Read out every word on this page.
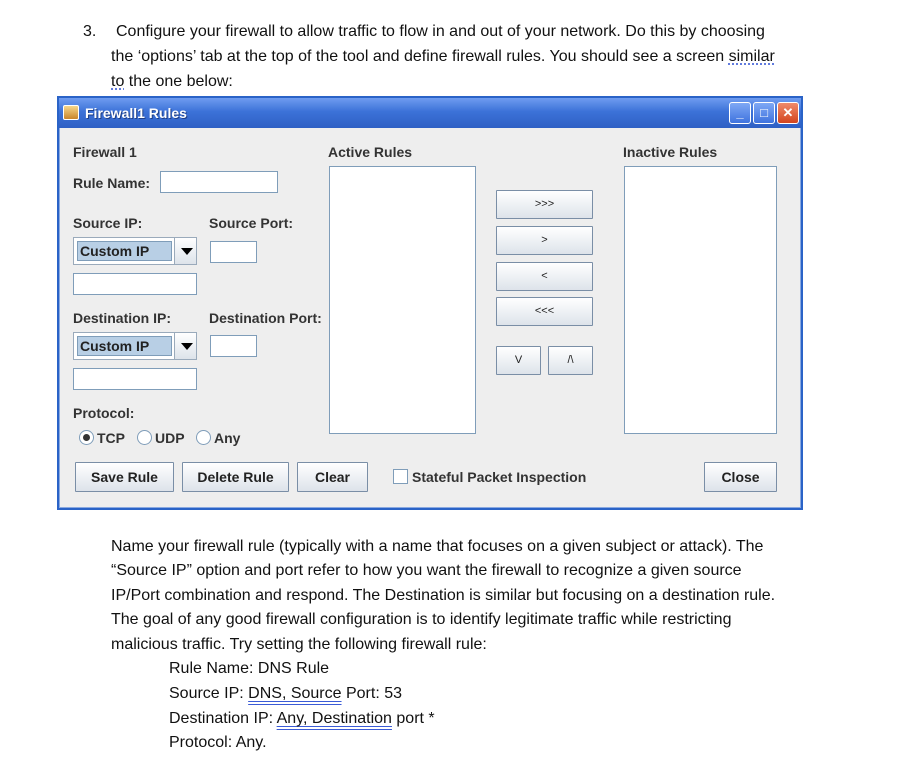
3. Configure your firewall to allow traffic to flow in and out of your network. Do this by choosing
the ‘options’ tab at the top of the tool and define firewall rules. You should see a screen similar
to the one below:
Firewall1 Rules	_	□	✕
Firewall 1
Rule Name:
Source IP:	Source Port:
Custom IP
Destination IP:	Destination Port:
Custom IP
Protocol:
TCP UDP Any
Active Rules
>>>
>
<
<<<
V	/\
Inactive Rules
Save Rule	Delete Rule	Clear	Stateful Packet Inspection	Close
Name your firewall rule (typically with a name that focuses on a given subject or attack). The
“Source IP” option and port refer to how you want the firewall to recognize a given source
IP/Port combination and respond. The Destination is similar but focusing on a destination rule.
The goal of any good firewall configuration is to identify legitimate traffic while restricting
malicious traffic. Try setting the following firewall rule:
Rule Name: DNS Rule
Source IP: DNS, Source Port: 53
Destination IP: Any, Destination port *
Protocol: Any.
